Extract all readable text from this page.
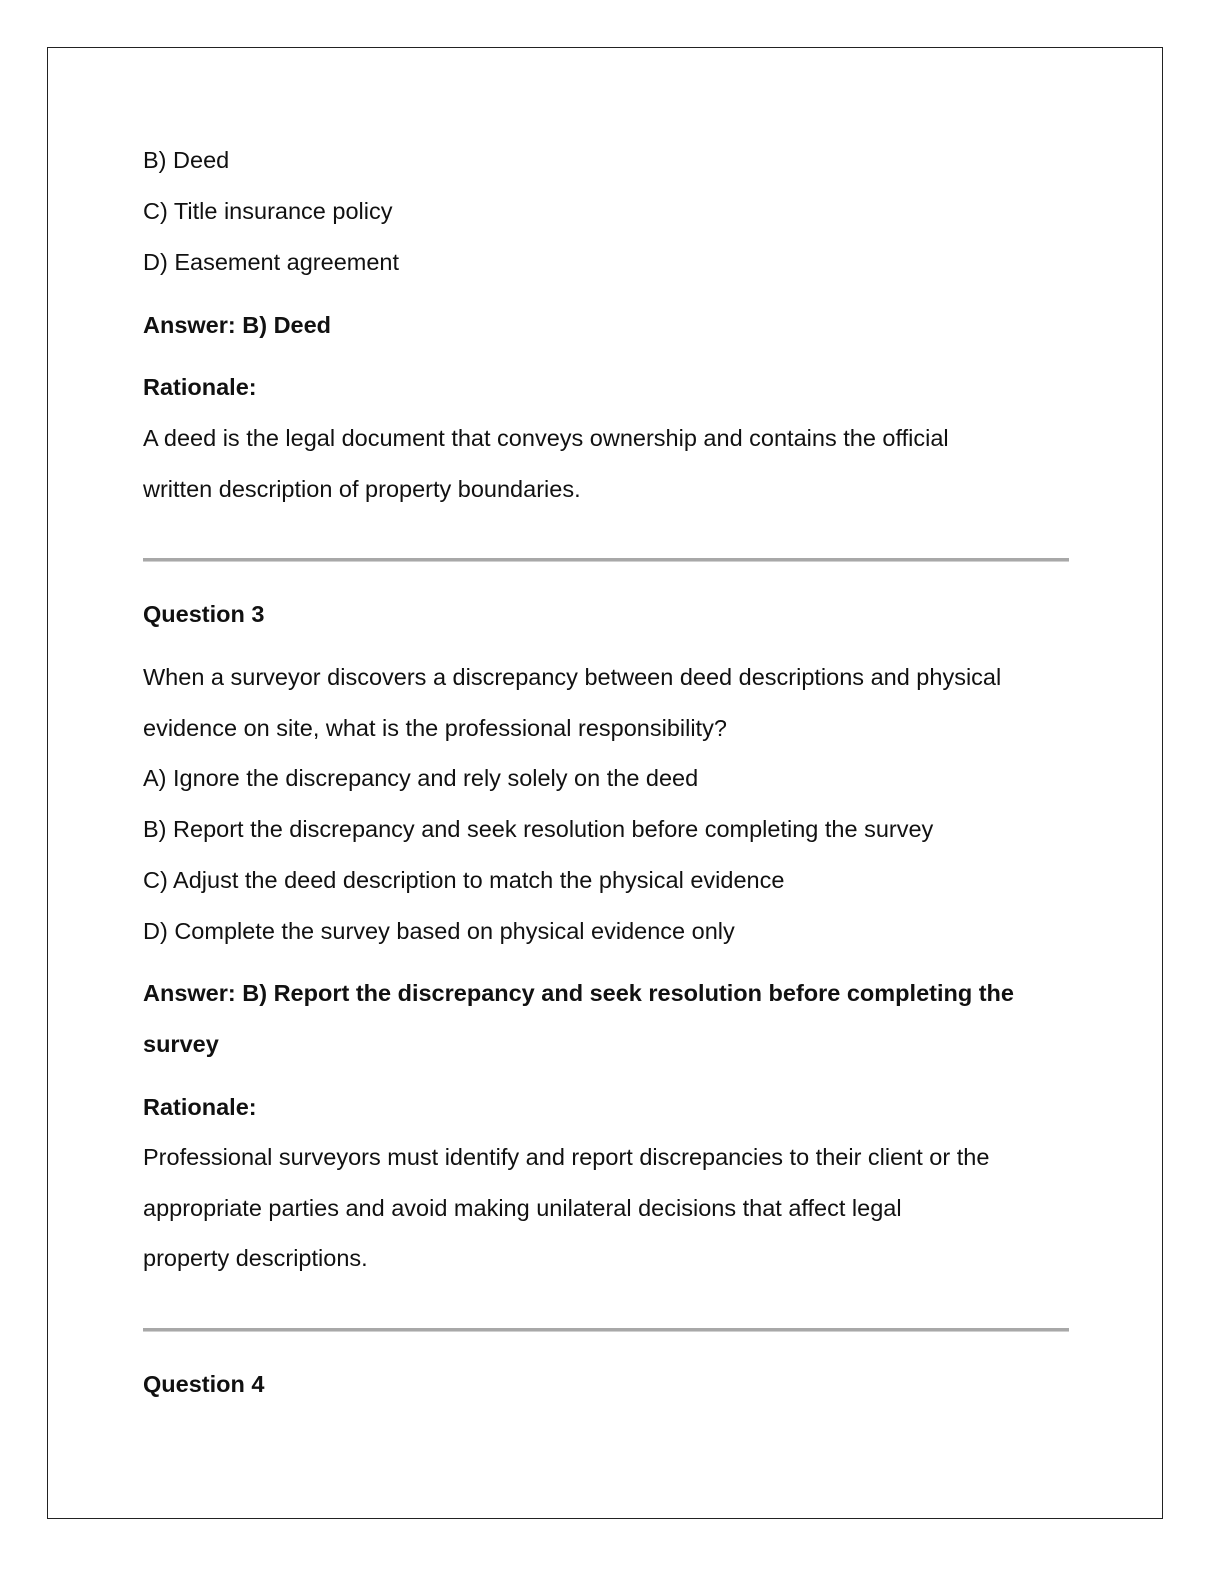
B) Deed
C) Title insurance policy
D) Easement agreement
Answer: B) Deed
Rationale:
A deed is the legal document that conveys ownership and contains the official
written description of property boundaries.
Question 3
When a surveyor discovers a discrepancy between deed descriptions and physical
evidence on site, what is the professional responsibility?
A) Ignore the discrepancy and rely solely on the deed
B) Report the discrepancy and seek resolution before completing the survey
C) Adjust the deed description to match the physical evidence
D) Complete the survey based on physical evidence only
Answer: B) Report the discrepancy and seek resolution before completing the
survey
Rationale:
Professional surveyors must identify and report discrepancies to their client or the
appropriate parties and avoid making unilateral decisions that affect legal
property descriptions.
Question 4
